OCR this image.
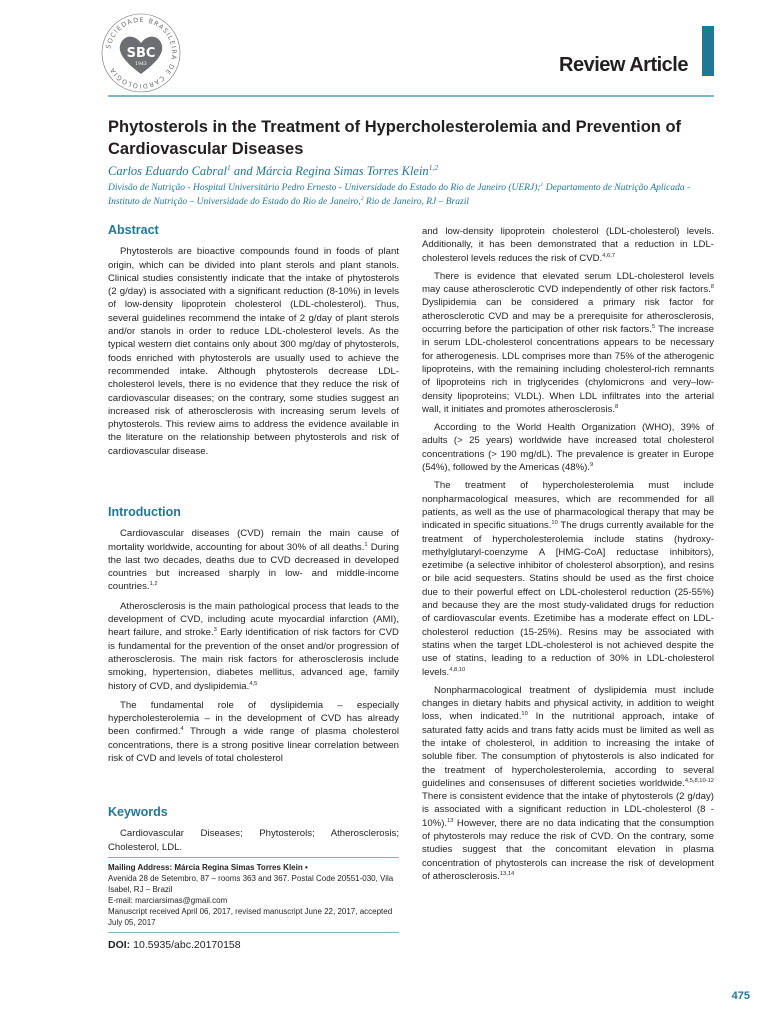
SOCIEDADE BRASILEIRA DE CARDIOLOGIA
SBC
1943	Review Article
Phytosterols in the Treatment of Hypercholesterolemia and Prevention of Cardiovascular Diseases
Carlos Eduardo Cabral$^1$ and Márcia Regina Simas Torres Klein$^{1,2}$
Divisão de Nutrição - Hospital Universitário Pedro Ernesto - Universidade do Estado do Rio de Janeiro (UERJ);$^1$ Departamento de Nutrição Aplicada - Instituto de Nutrição – Universidade do Estado do Rio de Janeiro,$^2$ Rio de Janeiro, RJ – Brazil
Abstract

Phytosterols are bioactive compounds found in foods of plant origin, which can be divided into plant sterols and plant stanols. Clinical studies consistently indicate that the intake of phytosterols (2 g/day) is associated with a significant reduction (8-10%) in levels of low-density lipoprotein cholesterol (LDL-cholesterol). Thus, several guidelines recommend the intake of 2 g/day of plant sterols and/or stanols in order to reduce LDL-cholesterol levels. As the typical western diet contains only about 300 mg/day of phytosterols, foods enriched with phytosterols are usually used to achieve the recommended intake. Although phytosterols decrease LDL-cholesterol levels, there is no evidence that they reduce the risk of cardiovascular diseases; on the contrary, some studies suggest an increased risk of atherosclerosis with increasing serum levels of phytosterols. This review aims to address the evidence available in the literature on the relationship between phytosterols and risk of cardiovascular disease.

Introduction

Cardiovascular diseases (CVD) remain the main cause of mortality worldwide, accounting for about 30% of all deaths.$^1$ During the last two decades, deaths due to CVD decreased in developed countries but increased sharply in low- and middle-income countries.$^{1,2}$

Atherosclerosis is the main pathological process that leads to the development of CVD, including acute myocardial infarction (AMI), heart failure, and stroke.$^3$ Early identification of risk factors for CVD is fundamental for the prevention of the onset and/or progression of atherosclerosis. The main risk factors for atherosclerosis include smoking, hypertension, diabetes mellitus, advanced age, family history of CVD, and dyslipidemia.$^{4,5}$

The fundamental role of dyslipidemia – especially hypercholesterolemia – in the development of CVD has already been confirmed.$^4$ Through a wide range of plasma cholesterol concentrations, there is a strong positive linear correlation between risk of CVD and levels of total cholesterol

Keywords

Cardiovascular Diseases; Phytosterols; Atherosclerosis; Cholesterol, LDL.

Mailing Address: Márcia Regina Simas Torres Klein •
Avenida 28 de Setembro, 87 – rooms 363 and 367. Postal Code 20551-030, Vila Isabel, RJ – Brazil
E-mail: marciarsimas@gmail.com
Manuscript received April 06, 2017, revised manuscript June 22, 2017, accepted July 05, 2017
DOI: 10.5935/abc.20170158

and low-density lipoprotein cholesterol (LDL-cholesterol) levels. Additionally, it has been demonstrated that a reduction in LDL-cholesterol levels reduces the risk of CVD.$^{4,6,7}$

There is evidence that elevated serum LDL-cholesterol levels may cause atherosclerotic CVD independently of other risk factors.$^8$ Dyslipidemia can be considered a primary risk factor for atherosclerotic CVD and may be a prerequisite for atherosclerosis, occurring before the participation of other risk factors.$^5$ The increase in serum LDL-cholesterol concentrations appears to be necessary for atherogenesis. LDL comprises more than 75% of the atherogenic lipoproteins, with the remaining including cholesterol-rich remnants of lipoproteins rich in triglycerides (chylomicrons and very–low-density lipoproteins; VLDL). When LDL infiltrates into the arterial wall, it initiates and promotes atherosclerosis.$^8$

According to the World Health Organization (WHO), 39% of adults (> 25 years) worldwide have increased total cholesterol concentrations (> 190 mg/dL). The prevalence is greater in Europe (54%), followed by the Americas (48%).$^9$

The treatment of hypercholesterolemia must include nonpharmacological measures, which are recommended for all patients, as well as the use of pharmacological therapy that may be indicated in specific situations.$^{10}$ The drugs currently available for the treatment of hypercholesterolemia include statins (hydroxy-methylglutaryl-coenzyme A [HMG-CoA] reductase inhibitors), ezetimibe (a selective inhibitor of cholesterol absorption), and resins or bile acid sequesters. Statins should be used as the first choice due to their powerful effect on LDL-cholesterol reduction (25-55%) and because they are the most study-validated drugs for reduction of cardiovascular events. Ezetimibe has a moderate effect on LDL-cholesterol reduction (15-25%). Resins may be associated with statins when the target LDL-cholesterol is not achieved despite the use of statins, leading to a reduction of 30% in LDL-cholesterol levels.$^{4,8,10}$

Nonpharmacological treatment of dyslipidemia must include changes in dietary habits and physical activity, in addition to weight loss, when indicated.$^{10}$ In the nutritional approach, intake of saturated fatty acids and trans fatty acids must be limited as well as the intake of cholesterol, in addition to increasing the intake of soluble fiber. The consumption of phytosterols is also indicated for the treatment of hypercholesterolemia, according to several guidelines and consensuses of different societies worldwide.$^{4,5,8,10-12}$ There is consistent evidence that the intake of phytosterols (2 g/day) is associated with a significant reduction in LDL-cholesterol (8 - 10%).$^{13}$ However, there are no data indicating that the consumption of phytosterols may reduce the risk of CVD. On the contrary, some studies suggest that the concomitant elevation in plasma concentration of phytosterols can increase the risk of development of atherosclerosis.$^{13,14}$

475
